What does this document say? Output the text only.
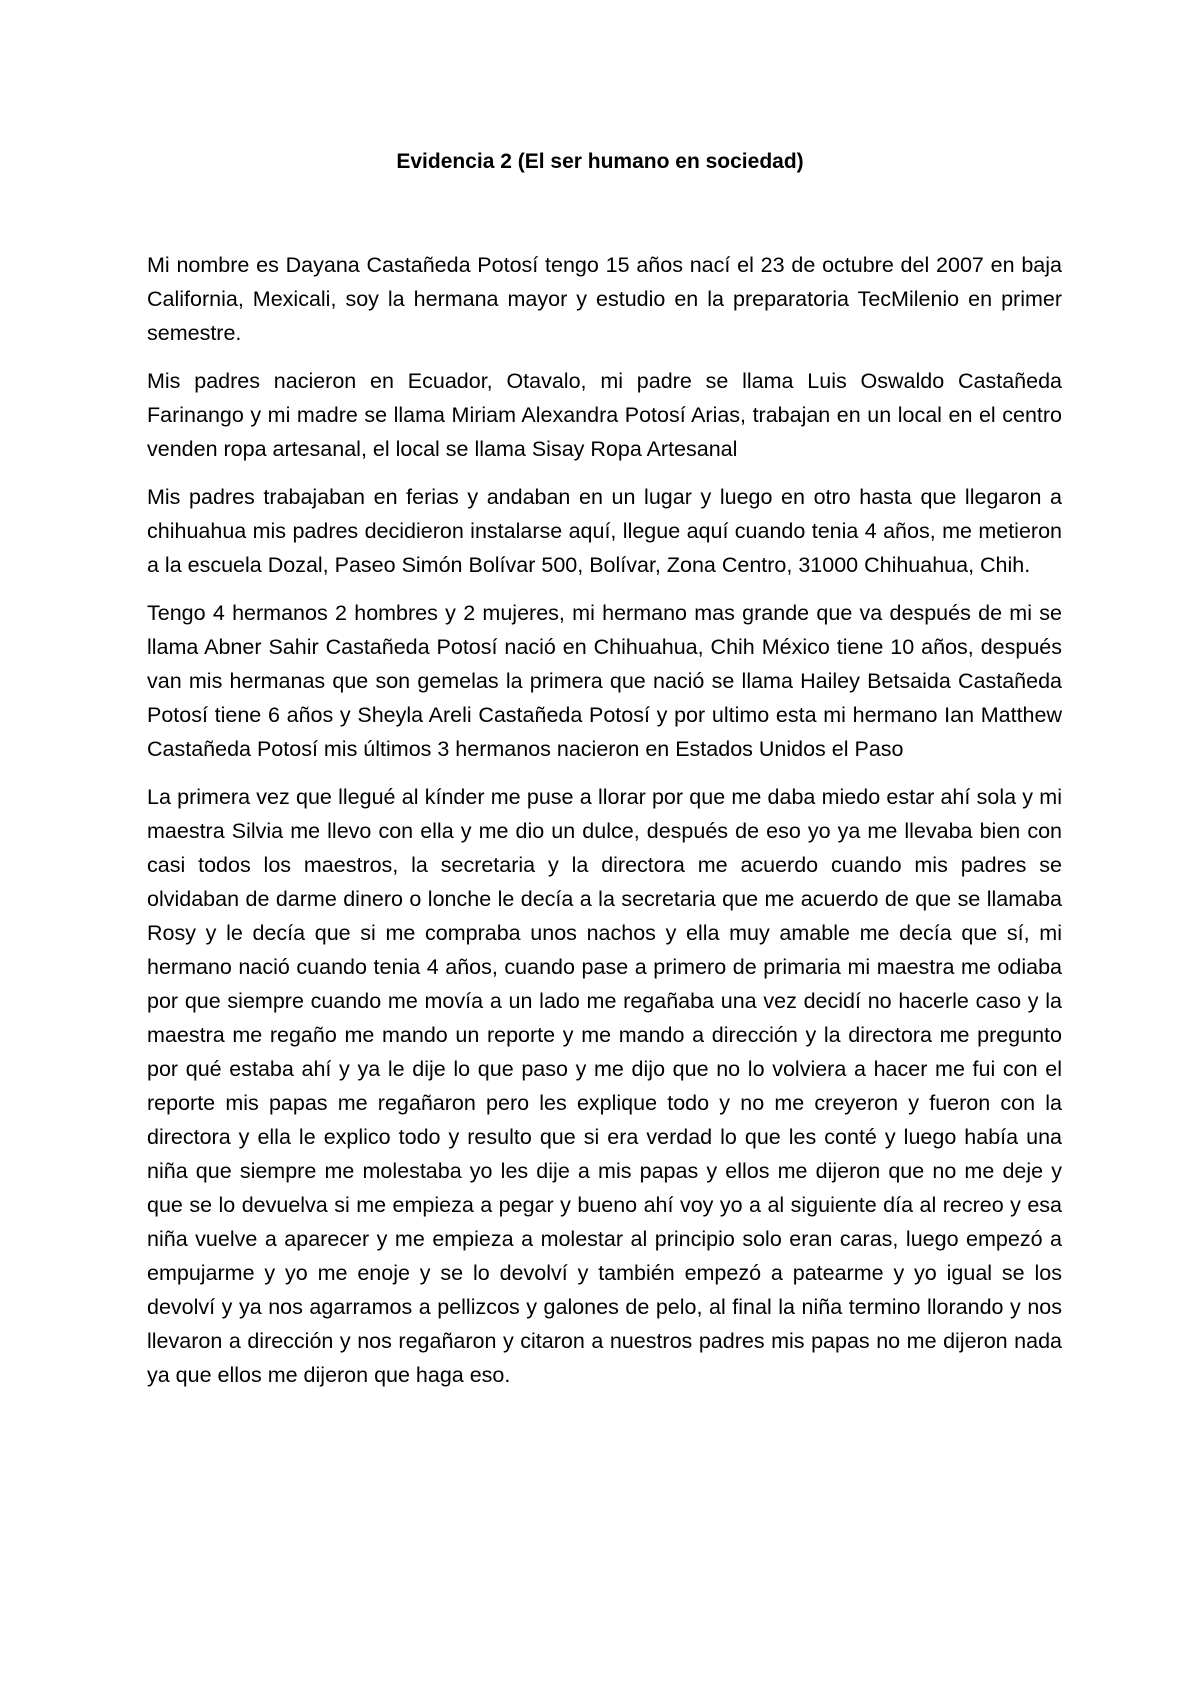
Evidencia 2 (El ser humano en sociedad)

Mi nombre es Dayana Castañeda Potosí tengo 15 años nací el 23 de octubre del 2007 en baja California, Mexicali, soy la hermana mayor y estudio en la preparatoria TecMilenio en primer semestre.

Mis padres nacieron en Ecuador, Otavalo, mi padre se llama Luis Oswaldo Castañeda Farinango y mi madre se llama Miriam Alexandra Potosí Arias, trabajan en un local en el centro venden ropa artesanal, el local se llama Sisay Ropa Artesanal

Mis padres trabajaban en ferias y andaban en un lugar y luego en otro hasta que llegaron a chihuahua mis padres decidieron instalarse aquí, llegue aquí cuando tenia 4 años, me metieron a la escuela Dozal, Paseo Simón Bolívar 500, Bolívar, Zona Centro, 31000 Chihuahua, Chih.

Tengo 4 hermanos 2 hombres y 2 mujeres, mi hermano mas grande que va después de mi se llama Abner Sahir Castañeda Potosí nació en Chihuahua, Chih México tiene 10 años, después van mis hermanas que son gemelas la primera que nació se llama Hailey Betsaida Castañeda Potosí tiene 6 años y Sheyla Areli Castañeda Potosí y por ultimo esta mi hermano Ian Matthew Castañeda Potosí mis últimos 3 hermanos nacieron en Estados Unidos el Paso

La primera vez que llegué al kínder me puse a llorar por que me daba miedo estar ahí sola y mi maestra Silvia me llevo con ella y me dio un dulce, después de eso yo ya me llevaba bien con casi todos los maestros, la secretaria y la directora me acuerdo cuando mis padres se olvidaban de darme dinero o lonche le decía a la secretaria que me acuerdo de que se llamaba Rosy y le decía que si me compraba unos nachos y ella muy amable me decía que sí, mi hermano nació cuando tenia 4 años, cuando pase a primero de primaria mi maestra me odiaba por que siempre cuando me movía a un lado me regañaba una vez decidí no hacerle caso y la maestra me regaño me mando un reporte y me mando a dirección y la directora me pregunto por qué estaba ahí y ya le dije lo que paso y me dijo que no lo volviera a hacer me fui con el reporte mis papas me regañaron pero les explique todo y no me creyeron y fueron con la directora y ella le explico todo y resulto que si era verdad lo que les conté y luego había una niña que siempre me molestaba yo les dije a mis papas y ellos me dijeron que no me deje y que se lo devuelva si me empieza a pegar y bueno ahí voy yo a al siguiente día al recreo y esa niña vuelve a aparecer y me empieza a molestar al principio solo eran caras, luego empezó a empujarme y yo me enoje y se lo devolví y también empezó a patearme y yo igual se los devolví y ya nos agarramos a pellizcos y galones de pelo, al final la niña termino llorando y nos llevaron a dirección y nos regañaron y citaron a nuestros padres mis papas no me dijeron nada ya que ellos me dijeron que haga eso.
